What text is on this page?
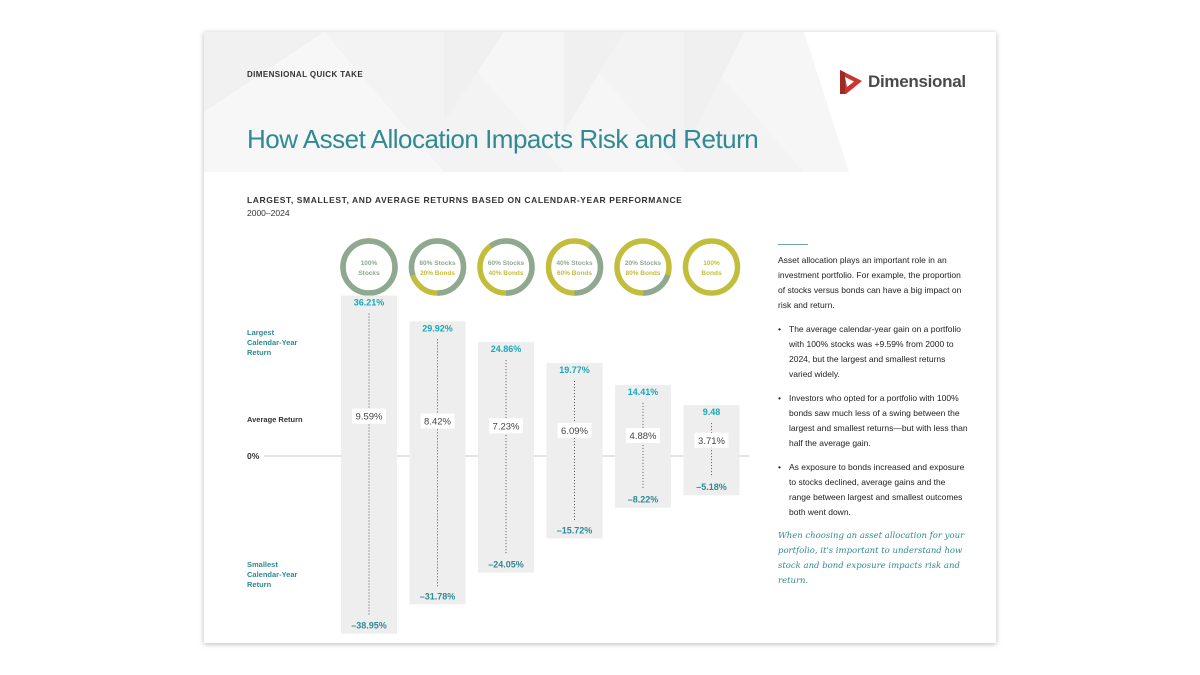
DIMENSIONAL QUICK TAKE	Dimensional
How Asset Allocation Impacts Risk and Return
LARGEST, SMALLEST, AND AVERAGE RETURNS BASED ON CALENDAR-YEAR PERFORMANCE
2000–2024
Largest
Calendar-Year
Return
Average Return
0%
Smallest
Calendar-Year
Return
100%
Stocks
80% Stocks
20% Bonds
60% Stocks
40% Bonds
40% Stocks
60% Bonds
20% Stocks
80% Bonds
100%
Bonds
36.21%
9.59%
–38.95%
29.92%
8.42%
–31.78%
24.86%
7.23%
–24.05%
19.77%
6.09%
–15.72%
14.41%
4.88%
–8.22%
9.48
3.71%
–5.18%

Asset allocation plays an important role in an investment portfolio. For example, the proportion of stocks versus bonds can have a big impact on risk and return.

• The average calendar-year gain on a portfolio with 100% stocks was +9.59% from 2000 to 2024, but the largest and smallest returns varied widely.
• Investors who opted for a portfolio with 100% bonds saw much less of a swing between the largest and smallest returns—but with less than half the average gain.
• As exposure to bonds increased and exposure to stocks declined, average gains and the range between largest and smallest outcomes both went down.
When choosing an asset allocation for your portfolio, it's important to understand how stock and bond exposure impacts risk and return.
